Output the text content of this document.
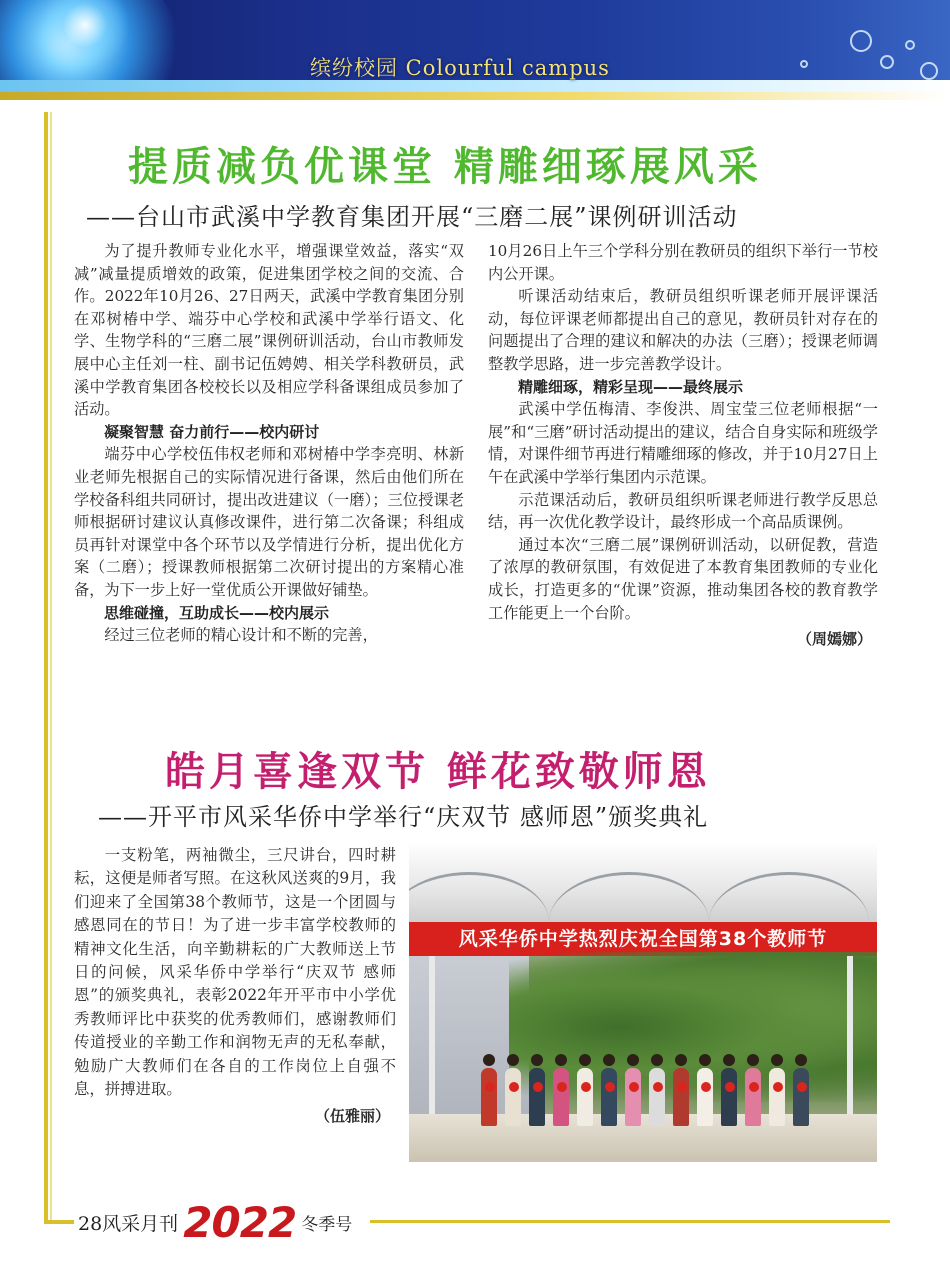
缤纷校园 Colourful campus
提质减负优课堂 精雕细琢展风采
——台山市武溪中学教育集团开展“三磨二展”课例研训活动

为了提升教师专业化水平，增强课堂效益，落实“双减”减量提质增效的政策，促进集团学校之间的交流、合作。2022年10月26、27日两天，武溪中学教育集团分别在邓树椿中学、端芬中心学校和武溪中学举行语文、化学、生物学科的“三磨二展”课例研训活动，台山市教师发展中心主任刘一柱、副书记伍娉娉、相关学科教研员，武溪中学教育集团各校校长以及相应学科备课组成员参加了活动。

凝聚智慧 奋力前行——校内研讨

端芬中心学校伍伟权老师和邓树椿中学李亮明、林新业老师先根据自己的实际情况进行备课，然后由他们所在学校备科组共同研讨，提出改进建议（一磨）；三位授课老师根据研讨建议认真修改课件，进行第二次备课；科组成员再针对课堂中各个环节以及学情进行分析，提出优化方案（二磨）；授课教师根据第二次研讨提出的方案精心准备，为下一步上好一堂优质公开课做好铺垫。

思维碰撞，互助成长——校内展示

经过三位老师的精心设计和不断的完善，

10月26日上午三个学科分别在教研员的组织下举行一节校内公开课。

听课活动结束后，教研员组织听课老师开展评课活动，每位评课老师都提出自己的意见，教研员针对存在的问题提出了合理的建议和解决的办法（三磨）；授课老师调整教学思路，进一步完善教学设计。

精雕细琢，精彩呈现——最终展示

武溪中学伍梅清、李俊洪、周宝莹三位老师根据“一展”和“三磨”研讨活动提出的建议，结合自身实际和班级学情，对课件细节再进行精雕细琢的修改，并于10月27日上午在武溪中学举行集团内示范课。

示范课活动后，教研员组织听课老师进行教学反思总结，再一次优化教学设计，最终形成一个高品质课例。

通过本次“三磨二展”课例研训活动，以研促教，营造了浓厚的教研氛围，有效促进了本教育集团教师的专业化成长，打造更多的“优课”资源，推动集团各校的教育教学工作能更上一个台阶。

（周嫣娜）
皓月喜逢双节 鲜花致敬师恩
——开平市风采华侨中学举行“庆双节 感师恩”颁奖典礼

一支粉笔，两袖微尘，三尺讲台，四时耕耘，这便是师者写照。在这秋风送爽的9月，我们迎来了全国第38个教师节，这是一个团圆与感恩同在的节日！为了进一步丰富学校教师的精神文化生活，向辛勤耕耘的广大教师送上节日的问候，风采华侨中学举行“庆双节 感师恩”的颁奖典礼，表彰2022年开平市中小学优秀教师评比中获奖的优秀教师们，感谢教师们传道授业的辛勤工作和润物无声的无私奉献，勉励广大教师们在各自的工作岗位上自强不息，拼搏进取。

（伍雅丽）
风采华侨中学热烈庆祝全国第38个教师节
28风采月刊 2022 冬季号
